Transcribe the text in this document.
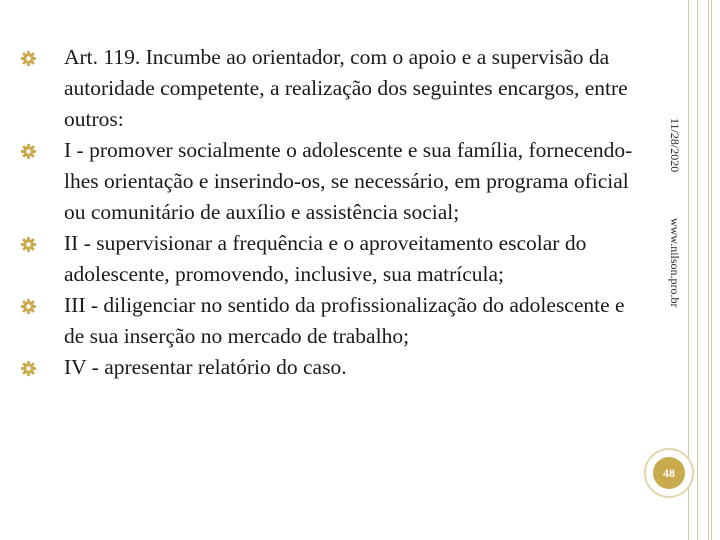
Art. 119. Incumbe ao orientador, com o apoio e a supervisão da autoridade competente, a realização dos seguintes encargos, entre outros:
I - promover socialmente o adolescente e sua família, fornecendo-lhes orientação e inserindo-os, se necessário, em programa oficial ou comunitário de auxílio e assistência social;
II - supervisionar a frequência e o aproveitamento escolar do adolescente, promovendo, inclusive, sua matrícula;
III - diligenciar no sentido da profissionalização do adolescente e de sua inserção no mercado de trabalho;
IV - apresentar relatório do caso.
11/28/2020
www.nilson.pro.br
48
